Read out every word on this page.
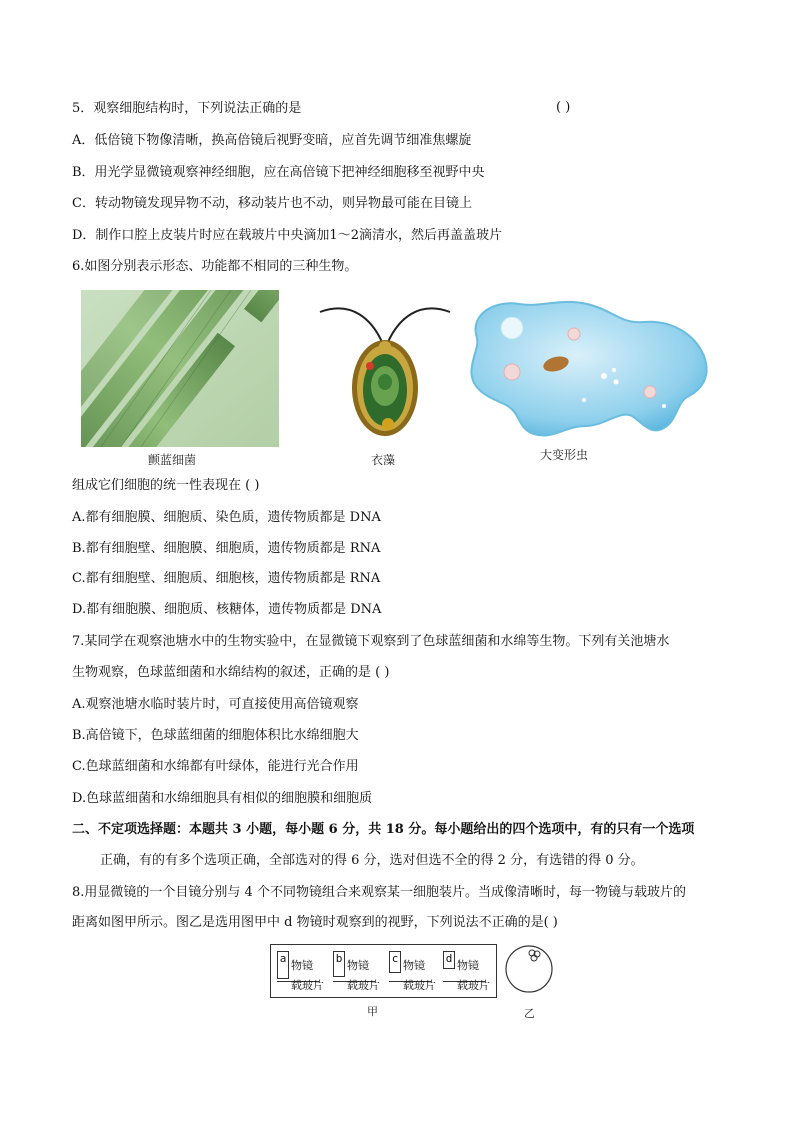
5．观察细胞结构时，下列说法正确的是	( )
A．低倍镜下物像清晰，换高倍镜后视野变暗，应首先调节细准焦螺旋
B．用光学显微镜观察神经细胞，应在高倍镜下把神经细胞移至视野中央
C．转动物镜发现异物不动，移动装片也不动，则异物最可能在目镜上
D．制作口腔上皮装片时应在载玻片中央滴加1～2滴清水，然后再盖盖玻片
6.如图分别表示形态、功能都不相同的三种生物。
颤蓝细菌	衣藻	大变形虫
组成它们细胞的统一性表现在 ( )
A.都有细胞膜、细胞质、染色质，遗传物质都是 DNA
B.都有细胞壁、细胞膜、细胞质，遗传物质都是 RNA
C.都有细胞壁、细胞质、细胞核，遗传物质都是 RNA
D.都有细胞膜、细胞质、核糖体，遗传物质都是 DNA
7.某同学在观察池塘水中的生物实验中，在显微镜下观察到了色球蓝细菌和水绵等生物。下列有关池塘水
生物观察，色球蓝细菌和水绵结构的叙述，正确的是 ( )
A.观察池塘水临时装片时，可直接使用高倍镜观察
B.高倍镜下，色球蓝细菌的细胞体积比水绵细胞大
C.色球蓝细菌和水绵都有叶绿体，能进行光合作用
D.色球蓝细菌和水绵细胞具有相似的细胞膜和细胞质
二、不定项选择题：本题共 3 小题，每小题 6 分，共 18 分。每小题给出的四个选项中，有的只有一个选项
正确，有的有多个选项正确，全部选对的得 6 分，选对但选不全的得 2 分，有选错的得 0 分。
8.用显微镜的一个目镜分别与 4 个不同物镜组合来观察某一细胞装片。当成像清晰时，每一物镜与载玻片的
距离如图甲所示。图乙是选用图甲中 d 物镜时观察到的视野，下列说法不正确的是( )
a
物镜
载玻片
b
物镜
载玻片
c
物镜
载玻片
d
物镜
载玻片
甲	乙
